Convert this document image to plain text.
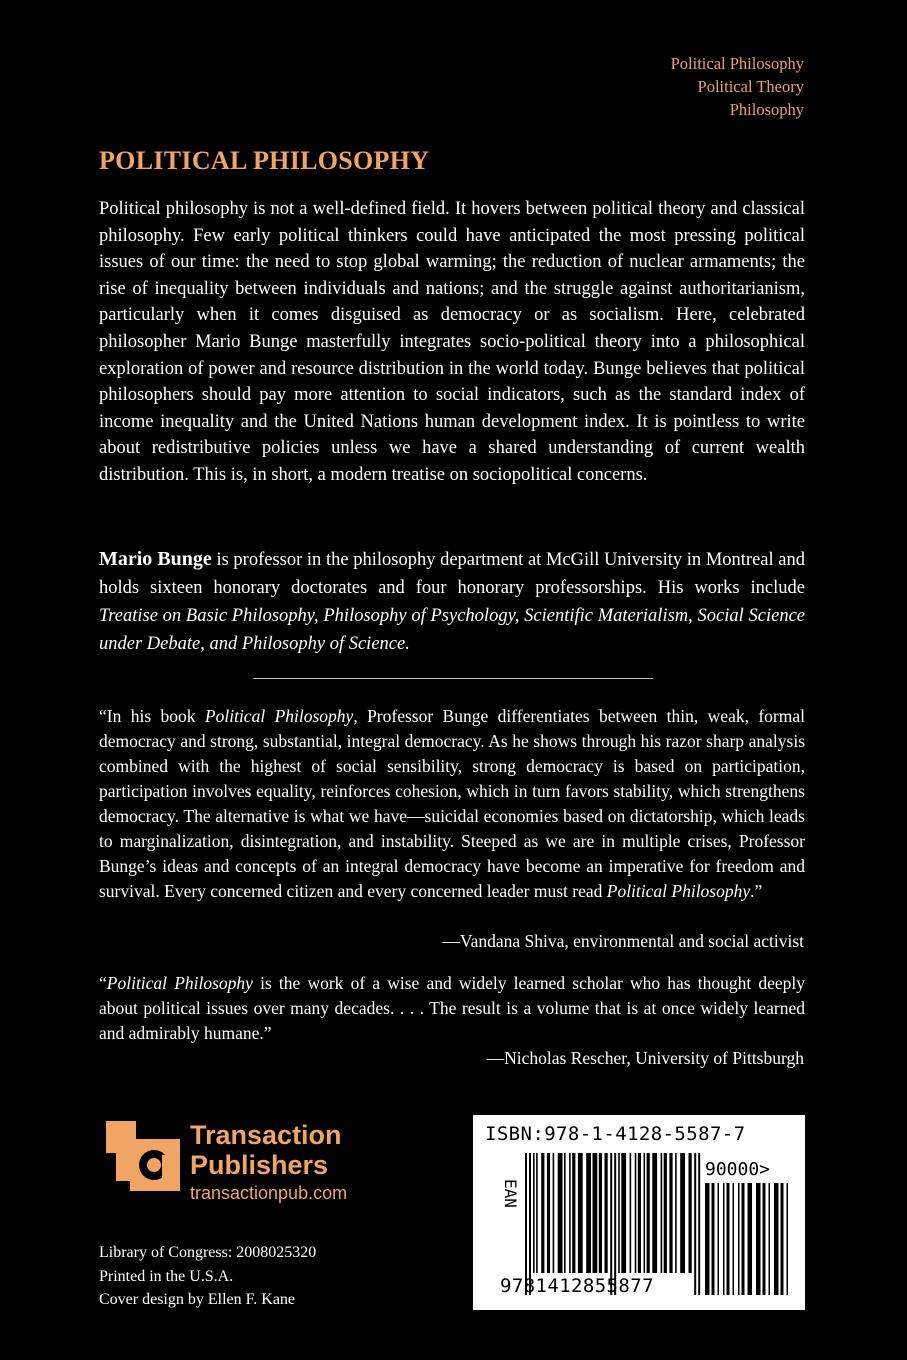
Political Philosophy
Political Theory
Philosophy
POLITICAL PHILOSOPHY

Political philosophy is not a well-defined field. It hovers between political theory and classical philosophy. Few early political thinkers could have anticipated the most pressing political issues of our time: the need to stop global warming; the reduction of nuclear armaments; the rise of inequality between individuals and nations; and the struggle against authoritarianism, particularly when it comes disguised as democracy or as socialism. Here, celebrated philosopher Mario Bunge masterfully integrates socio-political theory into a philosophical exploration of power and resource distribution in the world today. Bunge believes that political philosophers should pay more attention to social indicators, such as the standard index of income inequality and the United Nations human development index. It is pointless to write about redistributive policies unless we have a shared understanding of current wealth distribution. This is, in short, a modern treatise on sociopolitical concerns.

Mario Bunge is professor in the philosophy department at McGill University in Montreal and holds sixteen honorary doctorates and four honorary professorships. His works include Treatise on Basic Philosophy, Philosophy of Psychology, Scientific Materialism, Social Science under Debate, and Philosophy of Science.

“In his book Political Philosophy, Professor Bunge differentiates between thin, weak, formal democracy and strong, substantial, integral democracy. As he shows through his razor sharp analysis combined with the highest of social sensibility, strong democracy is based on participation, participation involves equality, reinforces cohesion, which in turn favors stability, which strengthens democracy. The alternative is what we have—suicidal economies based on dictatorship, which leads to marginalization, disintegration, and instability. Steeped as we are in multiple crises, Professor Bunge’s ideas and concepts of an integral democracy have become an imperative for freedom and survival. Every concerned citizen and every concerned leader must read Political Philosophy.”

—Vandana Shiva, environmental and social activist

“Political Philosophy is the work of a wise and widely learned scholar who has thought deeply about political issues over many decades. . . . The result is a volume that is at once widely learned and admirably humane.”

—Nicholas Rescher, University of Pittsburgh
Transaction
Publishers
transactionpub.com
Library of Congress: 2008025320
Printed in the U.S.A.
Cover design by Ellen F. Kane
ISBN:978-1-4128-5587-7
90000>
EAN
9781412855877
